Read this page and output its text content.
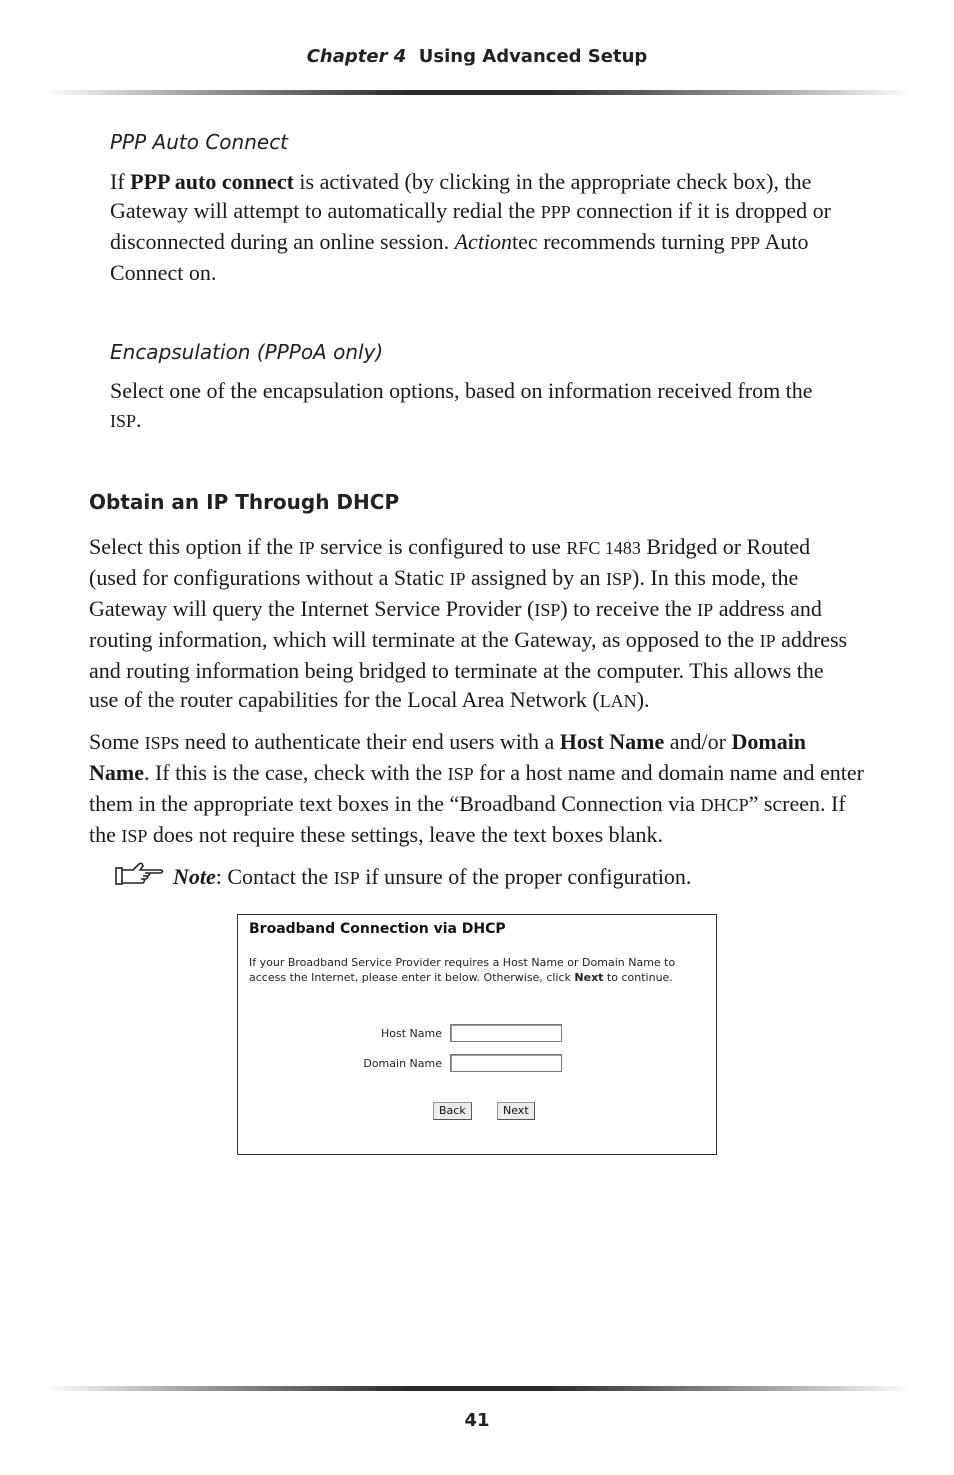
Chapter 4 Using Advanced Setup
PPP Auto Connect

If PPP auto connect is activated (by clicking in the appropriate check box), the Gateway will attempt to automatically redial the PPP connection if it is dropped or disconnected during an online session. Actiontec recommends turning PPP Auto Connect on.

Encapsulation (PPPoA only)

Select one of the encapsulation options, based on information received from the ISP.

Obtain an IP Through DHCP

Select this option if the IP service is configured to use RFC 1483 Bridged or Routed (used for configurations without a Static IP assigned by an ISP). In this mode, the Gateway will query the Internet Service Provider (ISP) to receive the IP address and routing information, which will terminate at the Gateway, as opposed to the IP address and routing information being bridged to terminate at the computer. This allows the use of the router capabilities for the Local Area Network (LAN).

Some ISPs need to authenticate their end users with a Host Name and/or Domain Name. If this is the case, check with the ISP for a host name and domain name and enter them in the appropriate text boxes in the “Broadband Connection via DHCP” screen. If the ISP does not require these settings, leave the text boxes blank.

Note: Contact the ISP if unsure of the proper configuration.
Broadband Connection via DHCP
If your Broadband Service Provider requires a Host Name or Domain Name to access the Internet, please enter it below. Otherwise, click Next to continue.
Host Name
Domain Name
Back	Next
41
